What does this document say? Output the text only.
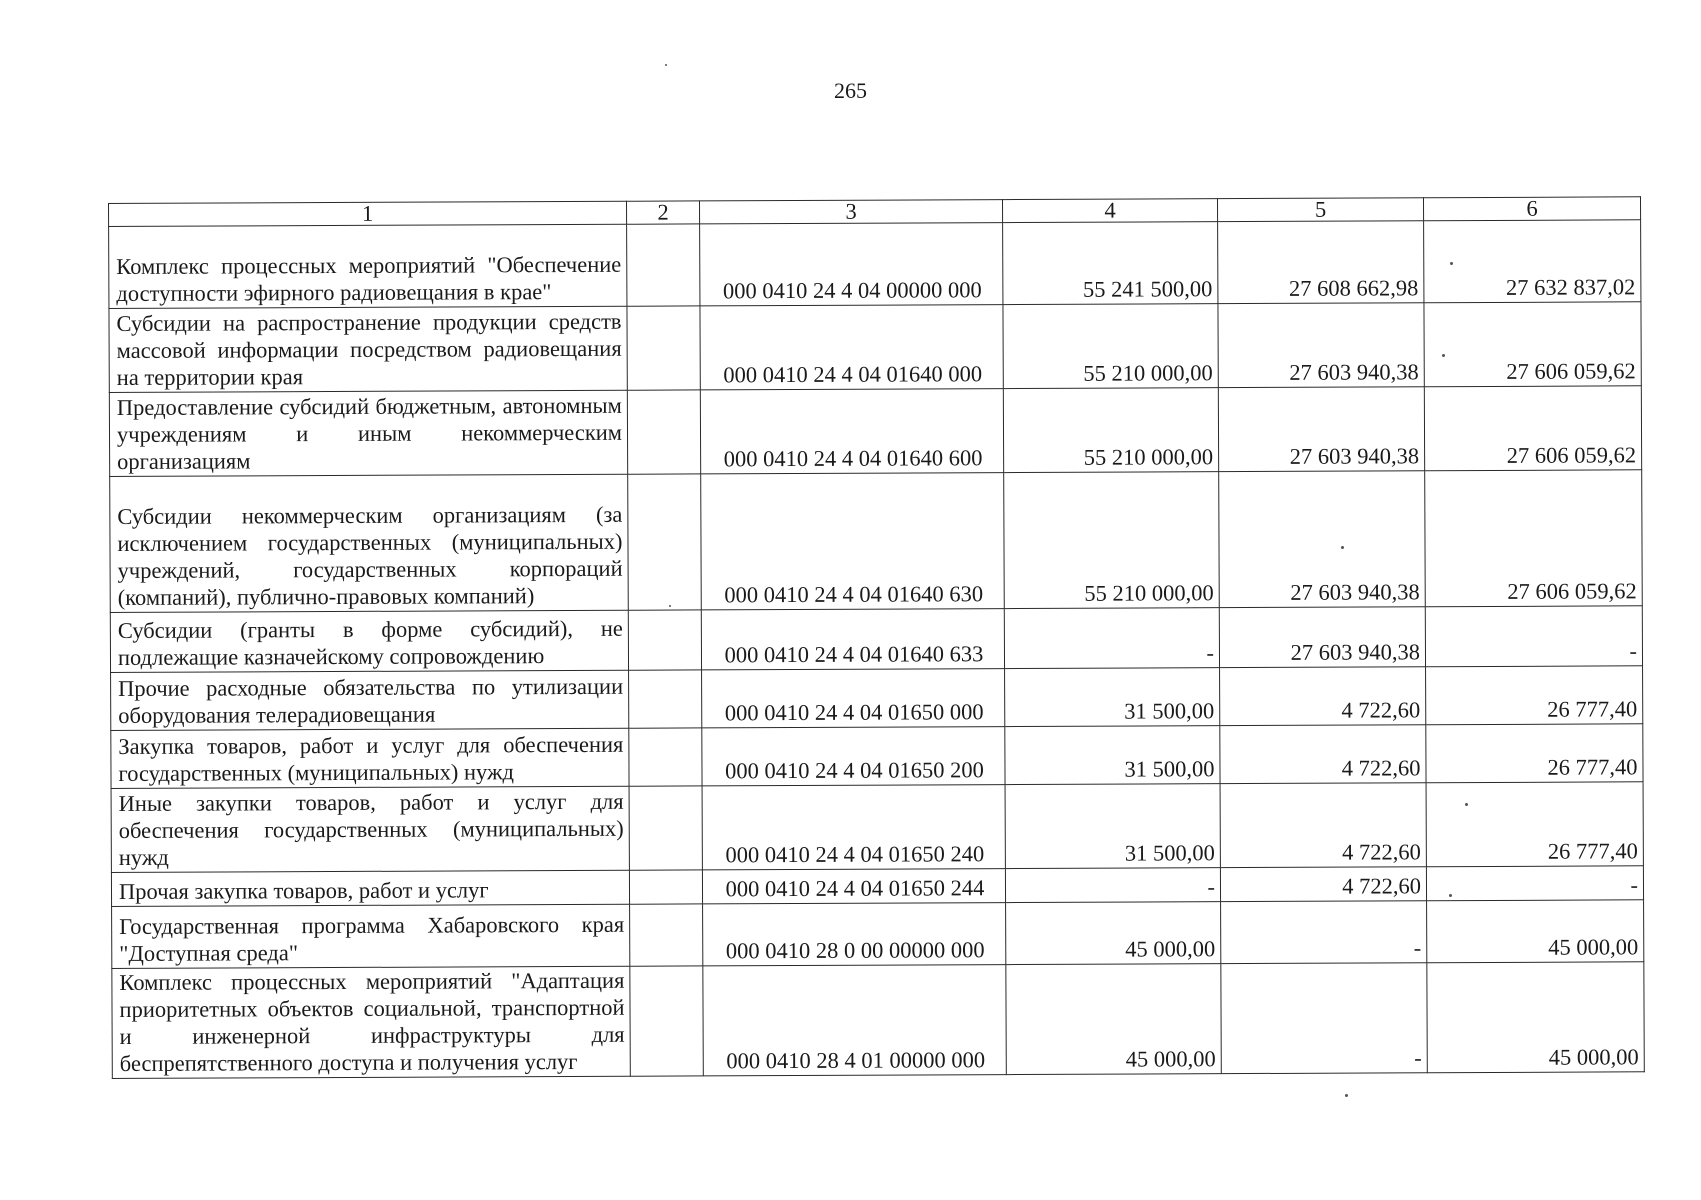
265
1	2	3	4	5	6
Комплекс процессных мероприятий "Обеспечение доступности эфирного радиовещания в крае"		000 0410 24 4 04 00000 000	55 241 500,00	27 608 662,98	27 632 837,02
Субсидии на распространение продукции средств массовой информации посредством радиовещания на территории края		000 0410 24 4 04 01640 000	55 210 000,00	27 603 940,38	27 606 059,62
Предоставление субсидий бюджетным, автономным учреждениям и иным некоммерческим организациям		000 0410 24 4 04 01640 600	55 210 000,00	27 603 940,38	27 606 059,62
Субсидии некоммерческим организациям (за исключением государственных (муниципальных) учреждений, государственных корпораций (компаний), публично-правовых компаний)		000 0410 24 4 04 01640 630	55 210 000,00	27 603 940,38	27 606 059,62
Субсидии (гранты в форме субсидий), не подлежащие казначейскому сопровождению		000 0410 24 4 04 01640 633	-	27 603 940,38	-
Прочие расходные обязательства по утилизации оборудования телерадиовещания		000 0410 24 4 04 01650 000	31 500,00	4 722,60	26 777,40
Закупка товаров, работ и услуг для обеспечения государственных (муниципальных) нужд		000 0410 24 4 04 01650 200	31 500,00	4 722,60	26 777,40
Иные закупки товаров, работ и услуг для обеспечения государственных (муниципальных) нужд		000 0410 24 4 04 01650 240	31 500,00	4 722,60	26 777,40
Прочая закупка товаров, работ и услуг		000 0410 24 4 04 01650 244	-	4 722,60	-
Государственная программа Хабаровского края "Доступная среда"		000 0410 28 0 00 00000 000	45 000,00	-	45 000,00
Комплекс процессных мероприятий "Адаптация приоритетных объектов социальной, транспортной и инженерной инфраструктуры для беспрепятственного доступа и получения услуг		000 0410 28 4 01 00000 000	45 000,00	-	45 000,00
